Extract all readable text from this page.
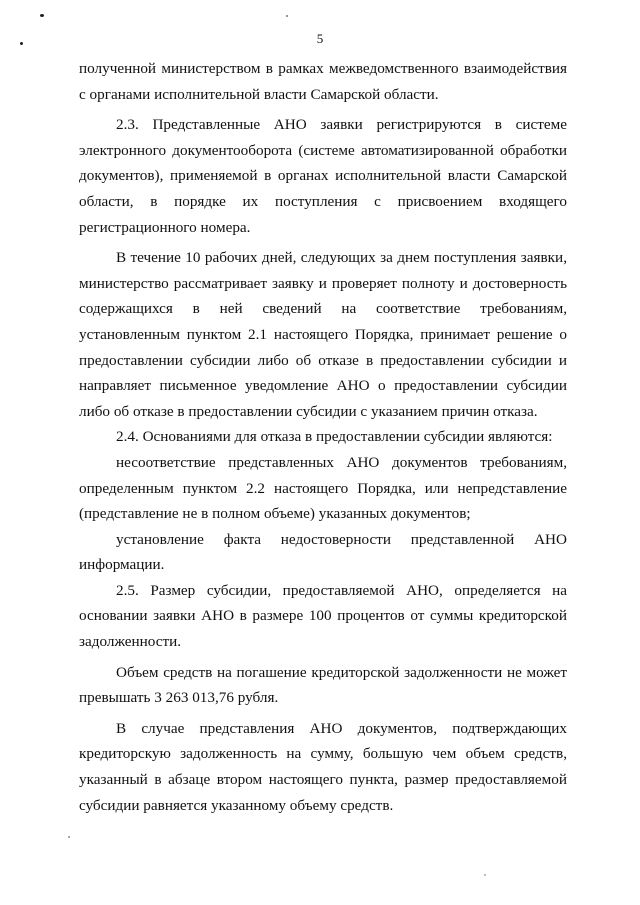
5

полученной министерством в рамках межведомственного взаимодействия с органами исполнительной власти Самарской области.

2.3. Представленные АНО заявки регистрируются в системе электронного документооборота (системе автоматизированной обработки документов), применяемой в органах исполнительной власти Самарской области, в порядке их поступления с присвоением входящего регистрационного номера.

В течение 10 рабочих дней, следующих за днем поступления заявки, министерство рассматривает заявку и проверяет полноту и достоверность содержащихся в ней сведений на соответствие требованиям, установленным пунктом 2.1 настоящего Порядка, принимает решение о предоставлении субсидии либо об отказе в предоставлении субсидии и направляет письменное уведомление АНО о предоставлении субсидии либо об отказе в предоставлении субсидии с указанием причин отказа.

2.4. Основаниями для отказа в предоставлении субсидии являются:

несоответствие представленных АНО документов требованиям, определенным пунктом 2.2 настоящего Порядка, или непредставление (представление не в полном объеме) указанных документов;

установление факта недостоверности представленной АНО информации.

2.5. Размер субсидии, предоставляемой АНО, определяется на основании заявки АНО в размере 100 процентов от суммы кредиторской задолженности.

Объем средств на погашение кредиторской задолженности не может превышать 3 263 013,76 рубля.

В случае представления АНО документов, подтверждающих кредиторскую задолженность на сумму, большую чем объем средств, указанный в абзаце втором настоящего пункта, размер предоставляемой субсидии равняется указанному объему средств.
